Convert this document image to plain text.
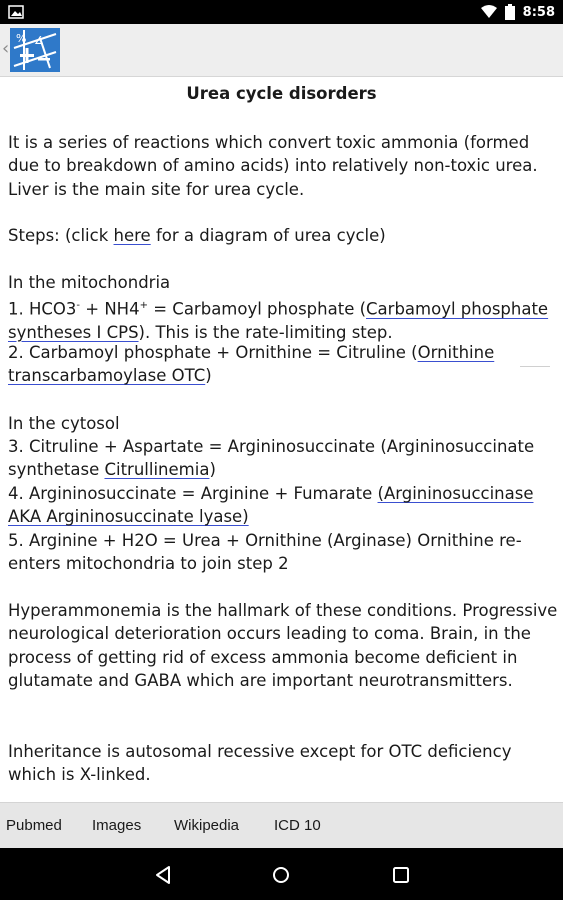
8:58
‹ % ∠
Urea cycle disorders
It is a series of reactions which convert toxic ammonia (formed due to breakdown of amino acids) into relatively non-toxic urea. Liver is the main site for urea cycle.
Steps: (click here for a diagram of urea cycle)
In the mitochondria
1. HCO3- + NH4+ = Carbamoyl phosphate (Carbamoyl phosphate syntheses I CPS). This is the rate-limiting step.
2. Carbamoyl phosphate + Ornithine = Citruline (Ornithine transcarbamoylase OTC)
In the cytosol
3. Citruline + Aspartate = Argininosuccinate (Argininosuccinate synthetase Citrullinemia)
4. Argininosuccinate = Arginine + Fumarate (Argininosuccinase AKA Argininosuccinate lyase)
5. Arginine + H2O = Urea + Ornithine (Arginase) Ornithine re-enters mitochondria to join step 2
Hyperammonemia is the hallmark of these conditions. Progressive neurological deterioration occurs leading to coma. Brain, in the process of getting rid of excess ammonia become deficient in glutamate and GABA which are important neurotransmitters.
Inheritance is autosomal recessive except for OTC deficiency which is X-linked.
Pubmed Images Wikipedia ICD 10
